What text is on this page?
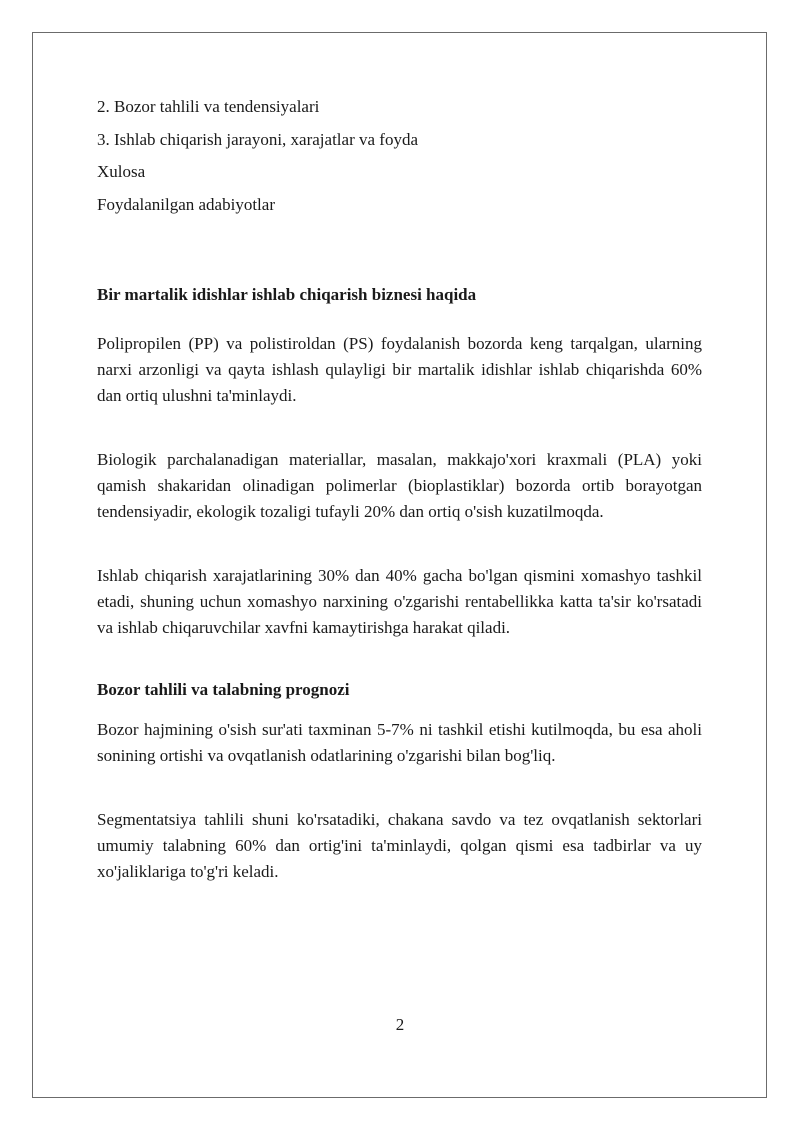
2. Bozor tahlili va tendensiyalari

3. Ishlab chiqarish jarayoni, xarajatlar va foyda

Xulosa

Foydalanilgan adabiyotlar

Bir martalik idishlar ishlab chiqarish biznesi haqida

Polipropilen (PP) va polistiroldan (PS) foydalanish bozorda keng tarqalgan, ularning narxi arzonligi va qayta ishlash qulayligi bir martalik idishlar ishlab chiqarishda 60% dan ortiq ulushni ta'minlaydi.

Biologik parchalanadigan materiallar, masalan, makkajo'xori kraxmali (PLA) yoki qamish shakaridan olinadigan polimerlar (bioplastiklar) bozorda ortib borayotgan tendensiyadir, ekologik tozaligi tufayli 20% dan ortiq o'sish kuzatilmoqda.

Ishlab chiqarish xarajatlarining 30% dan 40% gacha bo'lgan qismini xomashyo tashkil etadi, shuning uchun xomashyo narxining o'zgarishi rentabellikka katta ta'sir ko'rsatadi va ishlab chiqaruvchilar xavfni kamaytirishga harakat qiladi.

Bozor tahlili va talabning prognozi

Bozor hajmining o'sish sur'ati taxminan 5-7% ni tashkil etishi kutilmoqda, bu esa aholi sonining ortishi va ovqatlanish odatlarining o'zgarishi bilan bog'liq.

Segmentatsiya tahlili shuni ko'rsatadiki, chakana savdo va tez ovqatlanish sektorlari umumiy talabning 60% dan ortig'ini ta'minlaydi, qolgan qismi esa tadbirlar va uy xo'jaliklariga to'g'ri keladi.

2
